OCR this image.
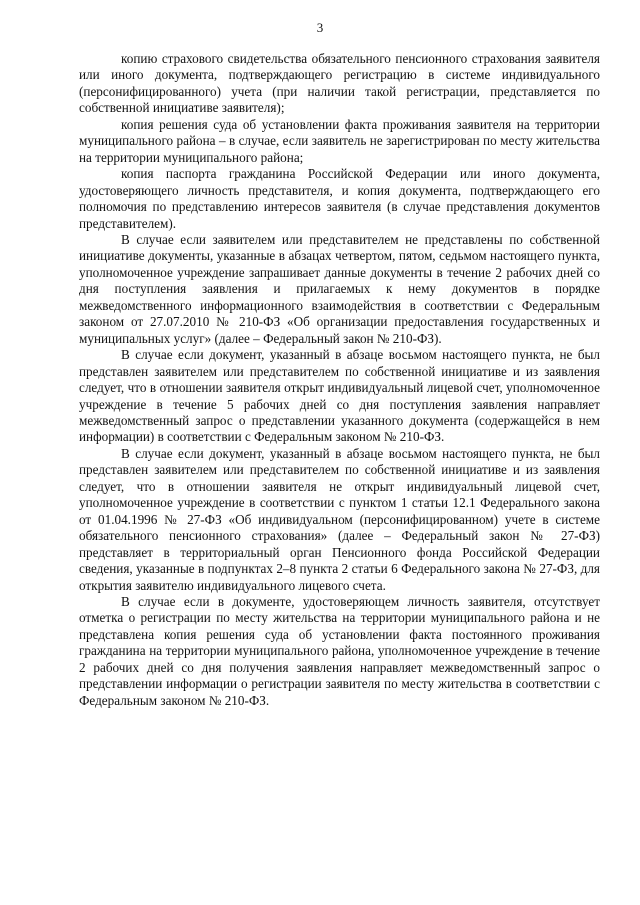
3

копию страхового свидетельства обязательного пенсионного страхования заявителя или иного документа, подтверждающего регистрацию в системе индивидуального (персонифицированного) учета (при наличии такой регистрации, представляется по собственной инициативе заявителя);

копия решения суда об установлении факта проживания заявителя на территории муниципального района – в случае, если заявитель не зарегистрирован по месту жительства на территории муниципального района;

копия паспорта гражданина Российской Федерации или иного документа, удостоверяющего личность представителя, и копия документа, подтверждающего его полномочия по представлению интересов заявителя (в случае представления документов представителем).

В случае если заявителем или представителем не представлены по собственной инициативе документы, указанные в абзацах четвертом, пятом, седьмом настоящего пункта, уполномоченное учреждение запрашивает данные документы в течение 2 рабочих дней со дня поступления заявления и прилагаемых к нему документов в порядке межведомственного информационного взаимодействия в соответствии с Федеральным законом от 27.07.2010 № 210-ФЗ «Об организации предоставления государственных и муниципальных услуг» (далее – Федеральный закон № 210-ФЗ).

В случае если документ, указанный в абзаце восьмом настоящего пункта, не был представлен заявителем или представителем по собственной инициативе и из заявления следует, что в отношении заявителя открыт индивидуальный лицевой счет, уполномоченное учреждение в течение 5 рабочих дней со дня поступления заявления направляет межведомственный запрос о представлении указанного документа (содержащейся в нем информации) в соответствии с Федеральным законом № 210-ФЗ.

В случае если документ, указанный в абзаце восьмом настоящего пункта, не был представлен заявителем или представителем по собственной инициативе и из заявления следует, что в отношении заявителя не открыт индивидуальный лицевой счет, уполномоченное учреждение в соответствии с пунктом 1 статьи 12.1 Федерального закона от 01.04.1996 № 27-ФЗ «Об индивидуальном (персонифицированном) учете в системе обязательного пенсионного страхования» (далее – Федеральный закон № 27-ФЗ) представляет в территориальный орган Пенсионного фонда Российской Федерации сведения, указанные в подпунктах 2–8 пункта 2 статьи 6 Федерального закона № 27-ФЗ, для открытия заявителю индивидуального лицевого счета.

В случае если в документе, удостоверяющем личность заявителя, отсутствует отметка о регистрации по месту жительства на территории муниципального района и не представлена копия решения суда об установлении факта постоянного проживания гражданина на территории муниципального района, уполномоченное учреждение в течение 2 рабочих дней со дня получения заявления направляет межведомственный запрос о представлении информации о регистрации заявителя по месту жительства в соответствии с Федеральным законом № 210-ФЗ.
